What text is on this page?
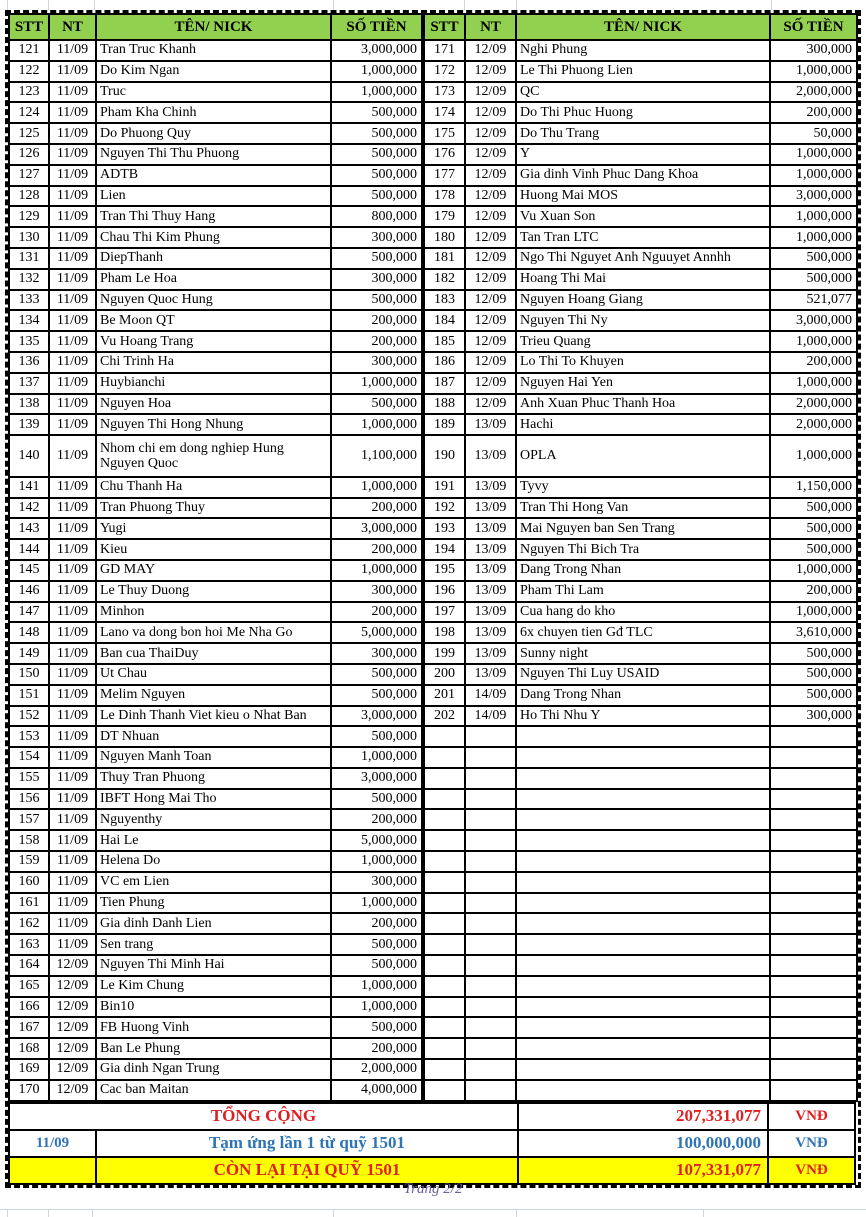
STT	NT	TÊN/ NICK	SỐ TIỀN
121	11/09	Tran Truc Khanh	3,000,000
122	11/09	Do Kim Ngan	1,000,000
123	11/09	Truc	1,000,000
124	11/09	Pham Kha Chinh	500,000
125	11/09	Do Phuong Quy	500,000
126	11/09	Nguyen Thi Thu Phuong	500,000
127	11/09	ADTB	500,000
128	11/09	Lien	500,000
129	11/09	Tran Thi Thuy Hang	800,000
130	11/09	Chau Thi Kim Phung	300,000
131	11/09	DiepThanh	500,000
132	11/09	Pham Le Hoa	300,000
133	11/09	Nguyen Quoc Hung	500,000
134	11/09	Be Moon QT	200,000
135	11/09	Vu Hoang Trang	200,000
136	11/09	Chi Trinh Ha	300,000
137	11/09	Huybianchi	1,000,000
138	11/09	Nguyen Hoa	500,000
139	11/09	Nguyen Thi Hong Nhung	1,000,000
140	11/09	Nhom chi em dong nghiep Hung Nguyen Quoc	1,100,000
141	11/09	Chu Thanh Ha	1,000,000
142	11/09	Tran Phuong Thuy	200,000
143	11/09	Yugi	3,000,000
144	11/09	Kieu	200,000
145	11/09	GD MAY	1,000,000
146	11/09	Le Thuy Duong	300,000
147	11/09	Minhon	200,000
148	11/09	Lano va dong bon hoi Me Nha Go	5,000,000
149	11/09	Ban cua ThaiDuy	300,000
150	11/09	Ut Chau	500,000
151	11/09	Melim Nguyen	500,000
152	11/09	Le Dinh Thanh Viet kieu o Nhat Ban	3,000,000
153	11/09	DT Nhuan	500,000
154	11/09	Nguyen Manh Toan	1,000,000
155	11/09	Thuy Tran Phuong	3,000,000
156	11/09	IBFT Hong Mai Tho	500,000
157	11/09	Nguyenthy	200,000
158	11/09	Hai Le	5,000,000
159	11/09	Helena Do	1,000,000
160	11/09	VC em Lien	300,000
161	11/09	Tien Phung	1,000,000
162	11/09	Gia dinh Danh Lien	200,000
163	11/09	Sen trang	500,000
164	12/09	Nguyen Thi Minh Hai	500,000
165	12/09	Le Kim Chung	1,000,000
166	12/09	Bin10	1,000,000
167	12/09	FB Huong Vinh	500,000
168	12/09	Ban Le Phung	200,000
169	12/09	Gia dinh Ngan Trung	2,000,000
170	12/09	Cac ban Maitan	4,000,000
STT	NT	TÊN/ NICK	SỐ TIỀN
171	12/09	Nghi Phung	300,000
172	12/09	Le Thi Phuong Lien	1,000,000
173	12/09	QC	2,000,000
174	12/09	Do Thi Phuc Huong	200,000
175	12/09	Do Thu Trang	50,000
176	12/09	Y	1,000,000
177	12/09	Gia dinh Vinh Phuc Dang Khoa	1,000,000
178	12/09	Huong Mai MOS	3,000,000
179	12/09	Vu Xuan Son	1,000,000
180	12/09	Tan Tran LTC	1,000,000
181	12/09	Ngo Thi Nguyet Anh Nguuyet Annhh	500,000
182	12/09	Hoang Thi Mai	500,000
183	12/09	Nguyen Hoang Giang	521,077
184	12/09	Nguyen Thi Ny	3,000,000
185	12/09	Trieu Quang	1,000,000
186	12/09	Lo Thi To Khuyen	200,000
187	12/09	Nguyen Hai Yen	1,000,000
188	12/09	Anh Xuan Phuc Thanh Hoa	2,000,000
189	13/09	Hachi	2,000,000
190	13/09	OPLA	1,000,000
191	13/09	Tyvy	1,150,000
192	13/09	Tran Thi Hong Van	500,000
193	13/09	Mai Nguyen ban Sen Trang	500,000
194	13/09	Nguyen Thi Bich Tra	500,000
195	13/09	Dang Trong Nhan	1,000,000
196	13/09	Pham Thi Lam	200,000
197	13/09	Cua hang do kho	1,000,000
198	13/09	6x chuyen tien Gđ TLC	3,610,000
199	13/09	Sunny night	500,000
200	13/09	Nguyen Thi Luy USAID	500,000
201	14/09	Dang Trong Nhan	500,000
202	14/09	Ho Thi Nhu Y	300,000

TỔNG CỘNG		207,331,077	VNĐ
11/09	Tạm ứng lần 1 từ quỹ 1501	100,000,000	VNĐ
	CÒN LẠI TẠI QUỸ 1501	107,331,077	VNĐ
Trang 2/2
